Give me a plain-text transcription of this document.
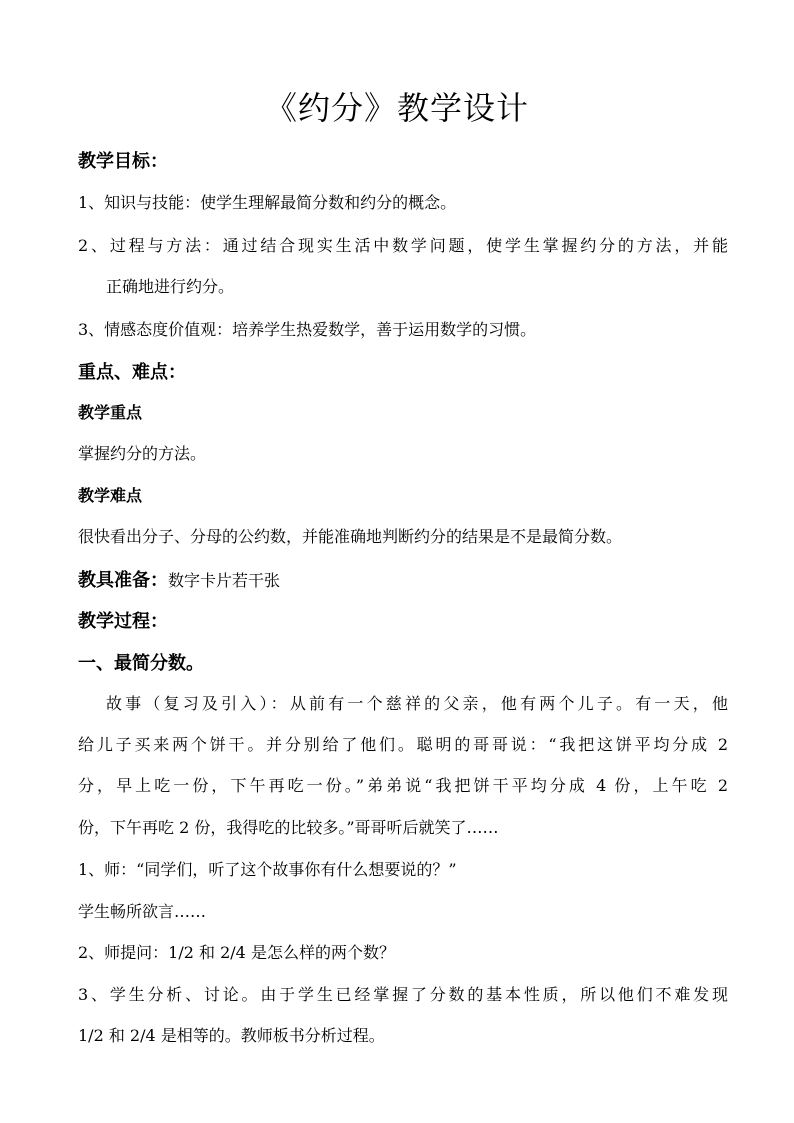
《约分》教学设计
教学目标：
1、知识与技能：使学生理解最简分数和约分的概念。
2、过程与方法：通过结合现实生活中数学问题，使学生掌握约分的方法，并能
正确地进行约分。
3、情感态度价值观：培养学生热爱数学，善于运用数学的习惯。
重点、难点：
教学重点
掌握约分的方法。
教学难点
很快看出分子、分母的公约数，并能准确地判断约分的结果是不是最简分数。
教具准备：数字卡片若干张
教学过程：
一、最简分数。
故事（复习及引入）：从前有一个慈祥的父亲，他有两个儿子。有一天，他
给儿子买来两个饼干。并分别给了他们。聪明的哥哥说：“我把这饼平均分成 2
分，早上吃一份，下午再吃一份。”弟弟说“我把饼干平均分成 4 份，上午吃 2
份，下午再吃 2 份，我得吃的比较多。”哥哥听后就笑了……
1、师：“同学们，听了这个故事你有什么想要说的？”
学生畅所欲言……
2、师提问：1/2 和 2/4 是怎么样的两个数？
3、学生分析、讨论。由于学生已经掌握了分数的基本性质，所以他们不难发现
1/2 和 2/4 是相等的。教师板书分析过程。
